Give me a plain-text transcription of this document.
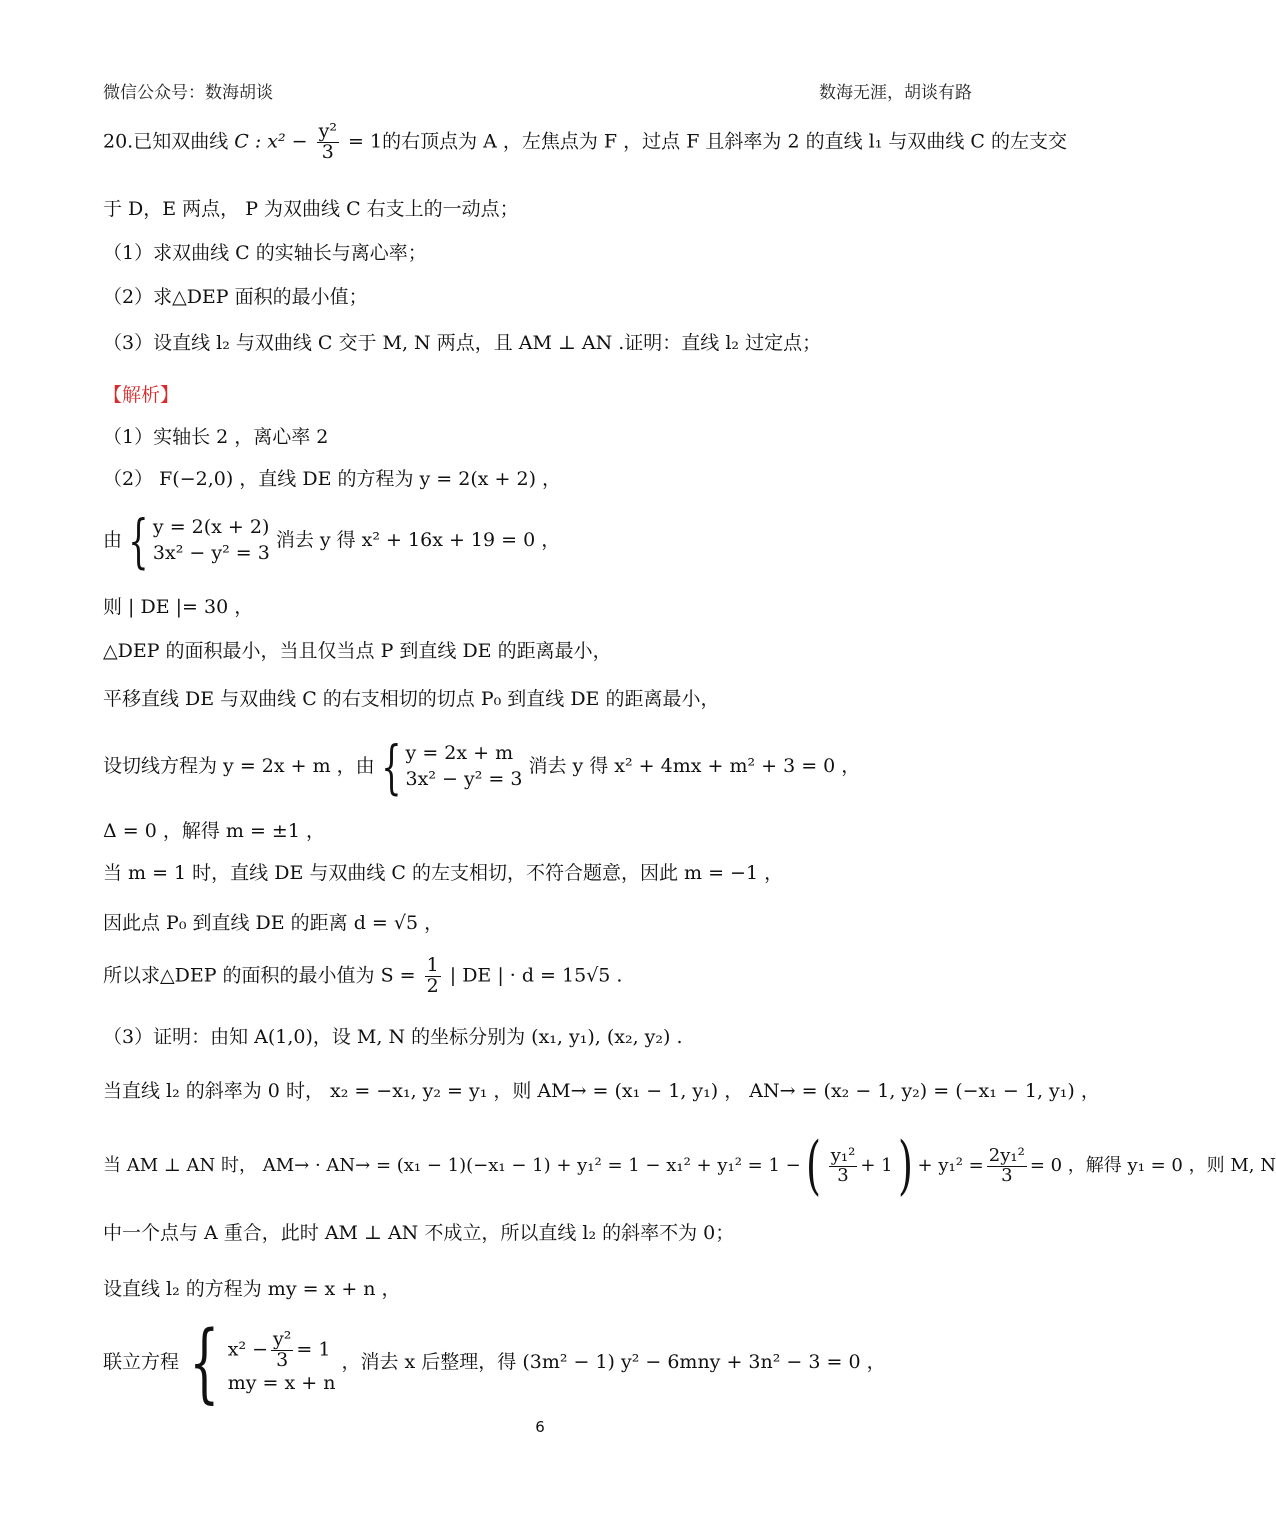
微信公众号：数海胡谈	数海无涯，胡谈有路
20.已知双曲线 C : $x^2 - \frac{\text{y²}}{3} = 1$的右顶点为 A ，左焦点为 F ，过点 F 且斜率为 2 的直线 l₁ 与双曲线 C 的左支交
于 D，E 两点， P 为双曲线 C 右支上的一动点；
（1）求双曲线 C 的实轴长与离心率；
（2）求△DEP 面积的最小值；
（3）设直线 l₂ 与双曲线 C 交于 M, N 两点，且 AM ⊥ AN .证明：直线 l₂ 过定点；
【解析】
（1）实轴长 2 ，离心率 2
（2） F(−2,0) ，直线 DE 的方程为 y = 2(x + 2) ，
由 { y = 2(x + 2)
3x² − y² = 3
消去 y 得 x² + 16x + 19 = 0 ，
则 | DE |= 30 ，
△DEP 的面积最小，当且仅当点 P 到直线 DE 的距离最小，
平移直线 DE 与双曲线 C 的右支相切的切点 P₀ 到直线 DE 的距离最小，
设切线方程为 y = 2x + m ，由 { y = 2x + m
3x² − y² = 3
消去 y 得 x² + 4mx + m² + 3 = 0 ，
Δ = 0 ，解得 m = ±1 ，
当 m = 1 时，直线 DE 与双曲线 C 的左支相切，不符合题意，因此 m = −1 ，
因此点 P₀ 到直线 DE 的距离 d = √5 ，
所以求△DEP 的面积的最小值为 $S = \frac{1}{2}$ | DE | · d = 15√5 .
（3）证明：由知 A(1,0)，设 M, N 的坐标分别为 (x₁, y₁), (x₂, y₂) .
当直线 l₂ 的斜率为 0 时， x₂ = −x₁, y₂ = y₁ ，则 AM→ = (x₁ − 1, y₁) ， AN→ = (x₂ − 1, y₂) = (−x₁ − 1, y₁) ，
当 AM ⊥ AN 时， AM→ · AN→ = (x₁ − 1)(−x₁ − 1) + y₁² = 1 − x₁² + y₁² = 1 −( $\frac{\text{y₁²}}{3} + 1) + y_1^2 = \frac{\text{2y₁²}}{3} = 0$ ，解得 y₁ = 0 ，则 M, N
中一个点与 A 重合，此时 AM ⊥ AN 不成立，所以直线 l₂ 的斜率不为 0；
设直线 l₂ 的方程为 my = x + n ，
联立方程 { $x^2 - \frac{\text{y²}}{3} = 1$
my = x + n
，消去 x 后整理，得 (3m² − 1) y² − 6mny + 3n² − 3 = 0 ，
6
